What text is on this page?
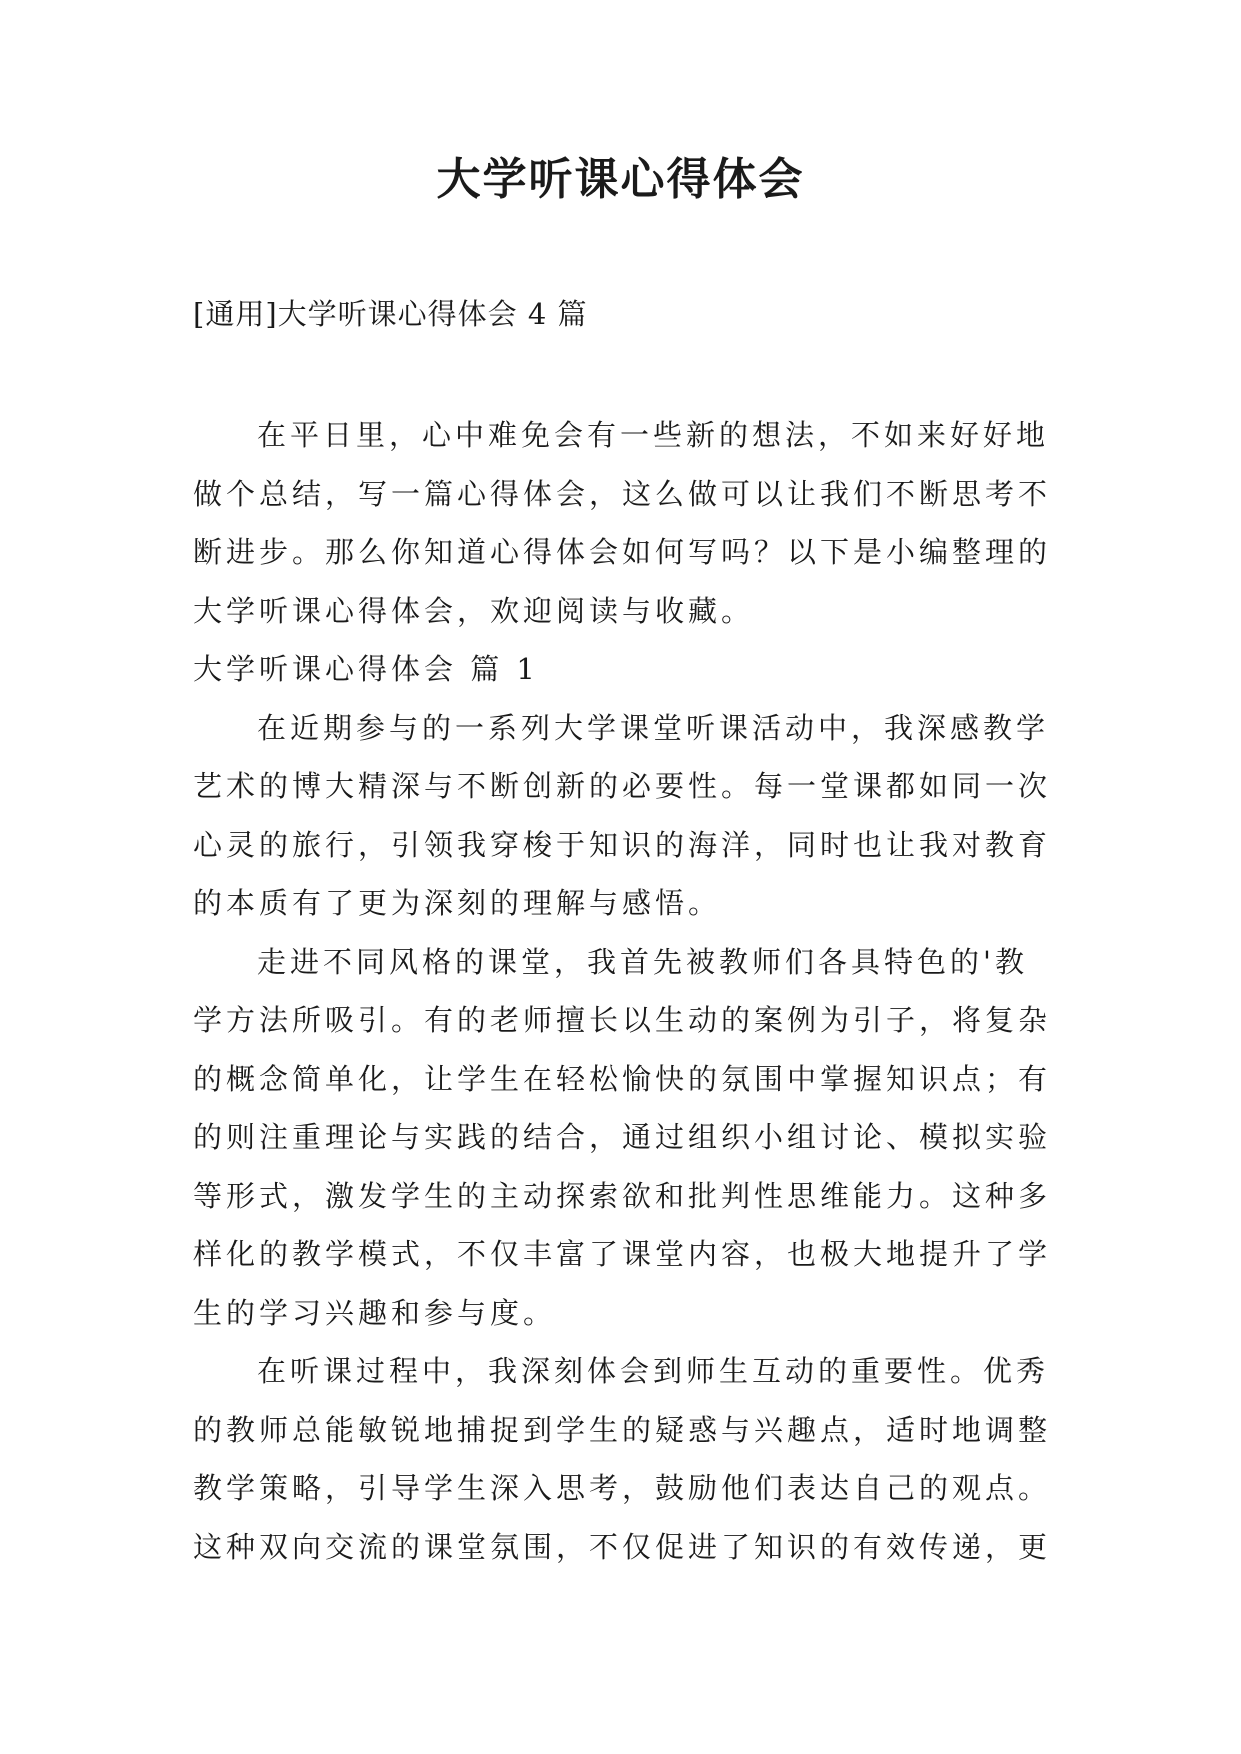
大学听课心得体会

[通用]大学听课心得体会 4 篇

在平日里，心中难免会有一些新的想法，不如来好好地
做个总结，写一篇心得体会，这么做可以让我们不断思考不
断进步。那么你知道心得体会如何写吗？以下是小编整理的
大学听课心得体会，欢迎阅读与收藏。
大学听课心得体会 篇 1
在近期参与的一系列大学课堂听课活动中，我深感教学
艺术的博大精深与不断创新的必要性。每一堂课都如同一次
心灵的旅行，引领我穿梭于知识的海洋，同时也让我对教育
的本质有了更为深刻的理解与感悟。
走进不同风格的课堂，我首先被教师们各具特色的'教
学方法所吸引。有的老师擅长以生动的案例为引子，将复杂
的概念简单化，让学生在轻松愉快的氛围中掌握知识点；有
的则注重理论与实践的结合，通过组织小组讨论、模拟实验
等形式，激发学生的主动探索欲和批判性思维能力。这种多
样化的教学模式，不仅丰富了课堂内容，也极大地提升了学
生的学习兴趣和参与度。
在听课过程中，我深刻体会到师生互动的重要性。优秀
的教师总能敏锐地捕捉到学生的疑惑与兴趣点，适时地调整
教学策略，引导学生深入思考，鼓励他们表达自己的观点。
这种双向交流的课堂氛围，不仅促进了知识的有效传递，更
